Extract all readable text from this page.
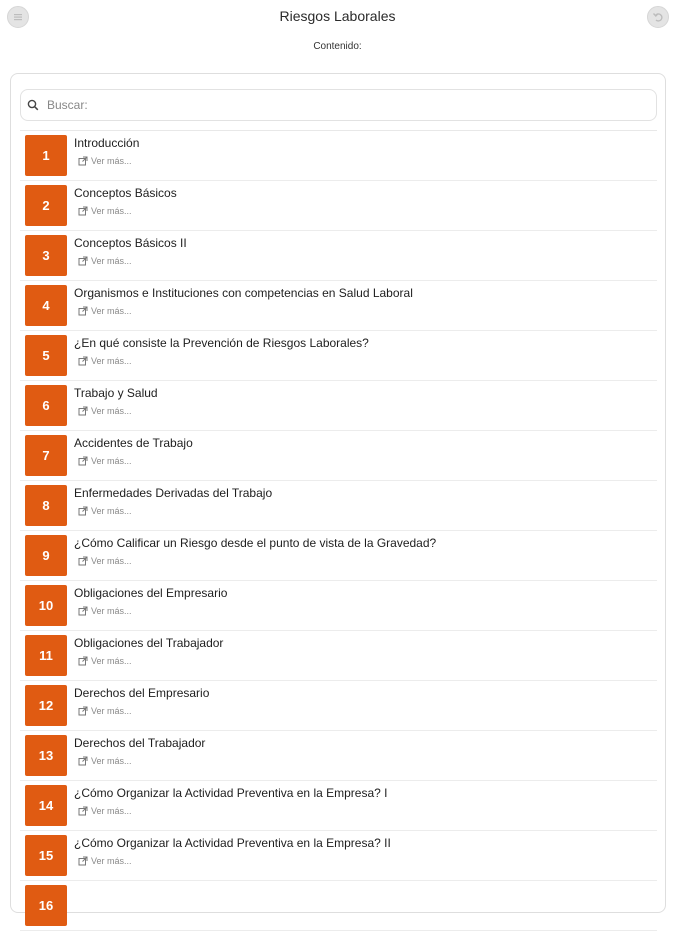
Riesgos Laborales
Contenido:
Buscar:
1
Introducción
Ver más...
2
Conceptos Básicos
Ver más...
3
Conceptos Básicos II
Ver más...
4
Organismos e Instituciones con competencias en Salud Laboral
Ver más...
5
¿En qué consiste la Prevención de Riesgos Laborales?
Ver más...
6
Trabajo y Salud
Ver más...
7
Accidentes de Trabajo
Ver más...
8
Enfermedades Derivadas del Trabajo
Ver más...
9
¿Cómo Calificar un Riesgo desde el punto de vista de la Gravedad?
Ver más...
10
Obligaciones del Empresario
Ver más...
11
Obligaciones del Trabajador
Ver más...
12
Derechos del Empresario
Ver más...
13
Derechos del Trabajador
Ver más...
14
¿Cómo Organizar la Actividad Preventiva en la Empresa? I
Ver más...
15
¿Cómo Organizar la Actividad Preventiva en la Empresa? II
Ver más...
16
